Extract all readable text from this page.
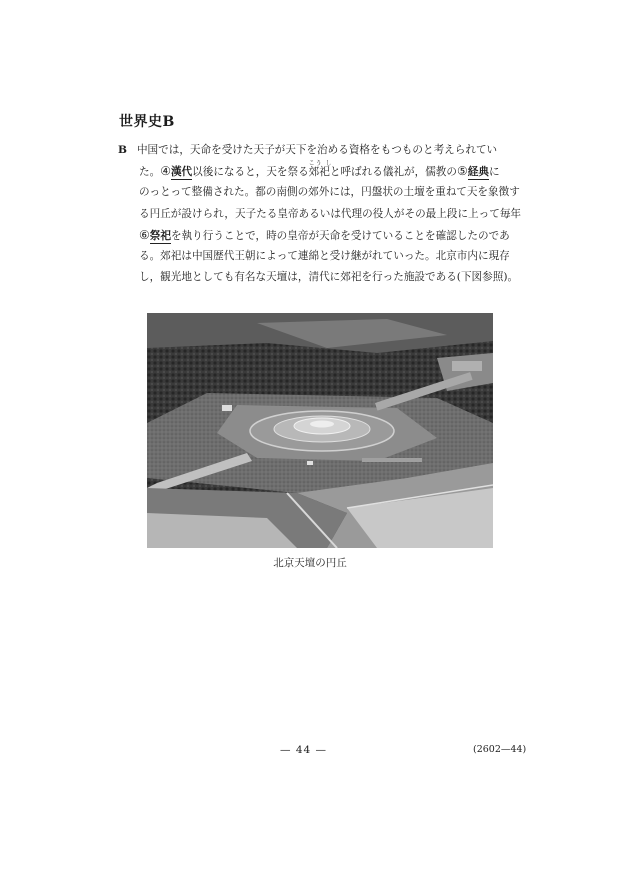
世界史B
B 中国では，天命を受けた天子が天下を治める資格をもつものと考えられてい
た。④漢代以後になると，天を祭る
こう し
郊祀と呼ばれる儀礼が，儒教の⑤経典に
のっとって整備された。都の南側の郊外には，円盤状の土壇を重ねて天を象徴す
る円丘が設けられ，天子たる皇帝あるいは代理の役人がその最上段に上って毎年
⑥祭祀を執り行うことで，時の皇帝が天命を受けていることを確認したのであ
る。郊祀は中国歴代王朝によって連綿と受け継がれていった。北京市内に現存
し，観光地としても有名な天壇は，清代に郊祀を行った施設である(下図参照)。
北京天壇の円丘
— 44 —	(2602—44)
